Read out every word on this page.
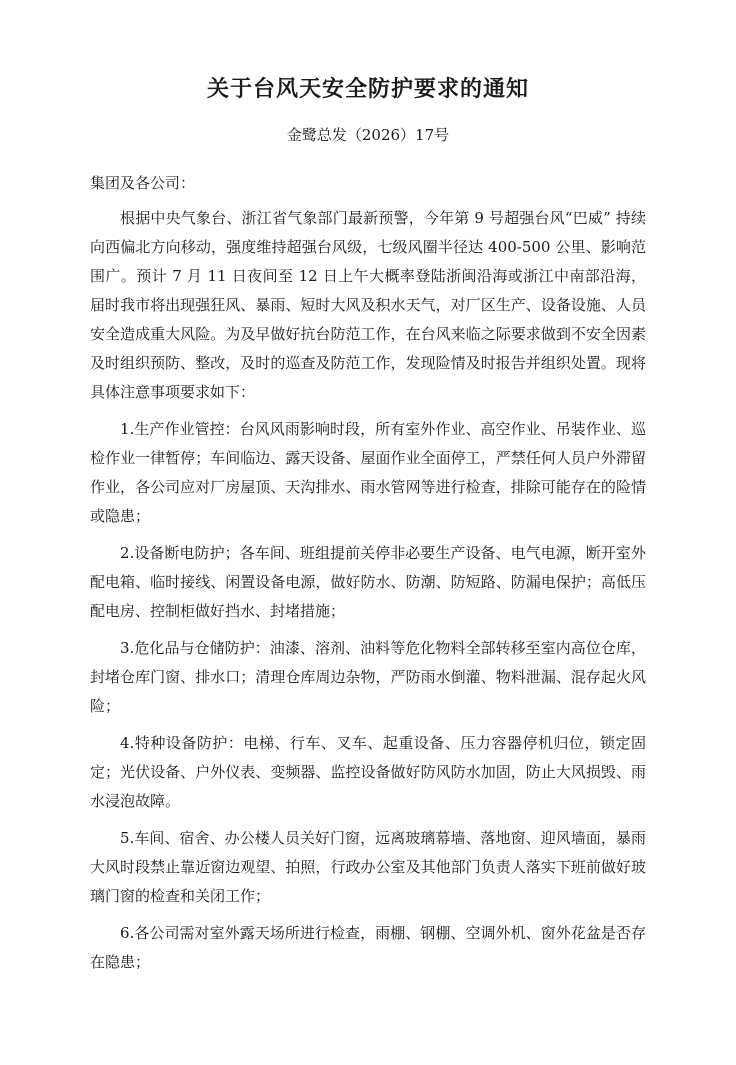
关于台风天安全防护要求的通知

金鹭总发（2026）17号

集团及各公司：

根据中央气象台、浙江省气象部门最新预警，今年第 9 号超强台风“巴威” 持续向西偏北方向移动，强度维持超强台风级，七级风圈半径达 400-500 公里、影响范围广。预计 7 月 11 日夜间至 12 日上午大概率登陆浙闽沿海或浙江中南部沿海，届时我市将出现强狂风、暴雨、短时大风及积水天气，对厂区生产、设备设施、人员安全造成重大风险。为及早做好抗台防范工作，在台风来临之际要求做到不安全因素及时组织预防、整改，及时的巡查及防范工作，发现险情及时报告并组织处置。现将具体注意事项要求如下：

1.生产作业管控：台风风雨影响时段，所有室外作业、高空作业、吊装作业、巡检作业一律暂停；车间临边、露天设备、屋面作业全面停工，严禁任何人员户外滞留作业，各公司应对厂房屋顶、天沟排水、雨水管网等进行检查，排除可能存在的险情或隐患；

2.设备断电防护；各车间、班组提前关停非必要生产设备、电气电源，断开室外配电箱、临时接线、闲置设备电源，做好防水、防潮、防短路、防漏电保护；高低压配电房、控制柜做好挡水、封堵措施；

3.危化品与仓储防护：油漆、溶剂、油料等危化物料全部转移至室内高位仓库，封堵仓库门窗、排水口；清理仓库周边杂物，严防雨水倒灌、物料泄漏、混存起火风险；

4.特种设备防护：电梯、行车、叉车、起重设备、压力容器停机归位，锁定固定；光伏设备、户外仪表、变频器、监控设备做好防风防水加固，防止大风损毁、雨水浸泡故障。

5.车间、宿舍、办公楼人员关好门窗，远离玻璃幕墙、落地窗、迎风墙面，暴雨大风时段禁止靠近窗边观望、拍照，行政办公室及其他部门负责人落实下班前做好玻璃门窗的检查和关闭工作；

6.各公司需对室外露天场所进行检查，雨棚、钢棚、空调外机、窗外花盆是否存在隐患；
